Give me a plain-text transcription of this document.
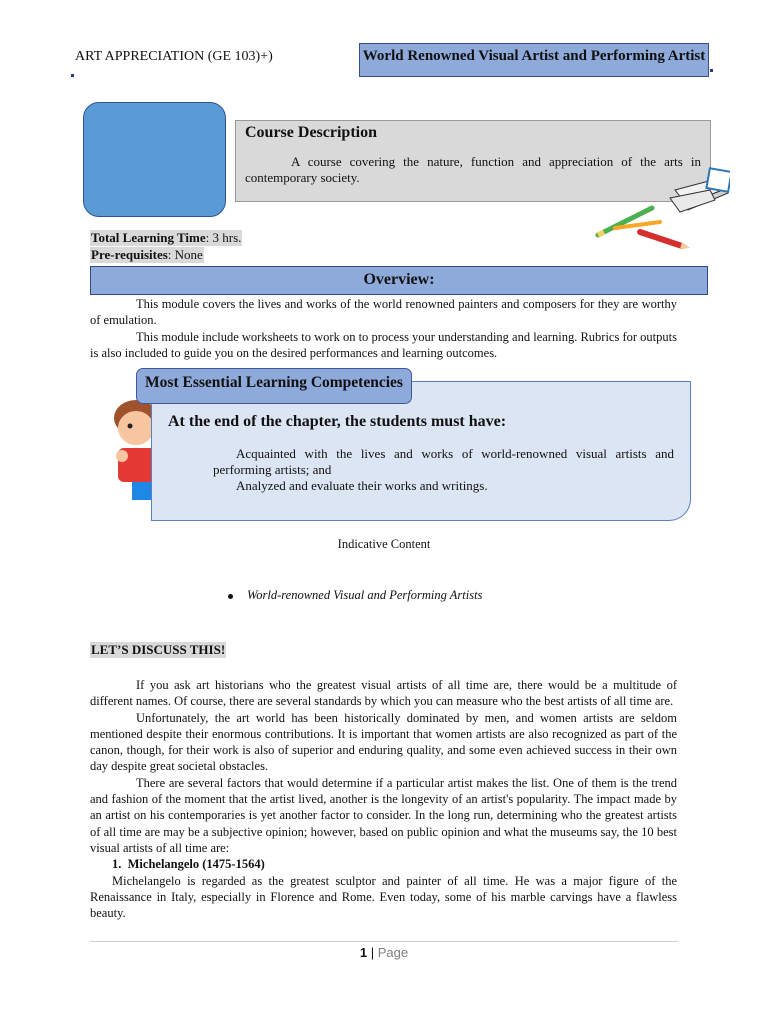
ART APPRECIATION (GE 103)+)	World Renowned Visual Artist and Performing Artist

Course Description

A course covering the nature, function and appreciation of the arts in contemporary society.

Total Learning Time: 3 hrs.
Pre-requisites: None
Overview:

This module covers the lives and works of the world renowned painters and composers for they are worthy of emulation.

This module include worksheets to work on to process your understanding and learning. Rubrics for outputs is also included to guide you on the desired performances and learning outcomes.

Most Essential Learning Competencies
At the end of the chapter, the students must have:

Acquainted with the lives and works of world-renowned visual artists and performing artists; and

Analyzed and evaluate their works and writings.

Indicative Content
World-renowned Visual and Performing Artists
LET’S DISCUSS THIS!

If you ask art historians who the greatest visual artists of all time are, there would be a multitude of different names. Of course, there are several standards by which you can measure who the best artists of all time are.

Unfortunately, the art world has been historically dominated by men, and women artists are seldom mentioned despite their enormous contributions. It is important that women artists are also recognized as part of the canon, though, for their work is also of superior and enduring quality, and some even achieved success in their own day despite great societal obstacles.

There are several factors that would determine if a particular artist makes the list. One of them is the trend and fashion of the moment that the artist lived, another is the longevity of an artist's popularity. The impact made by an artist on his contemporaries is yet another factor to consider. In the long run, determining who the greatest artists of all time are may be a subjective opinion; however, based on public opinion and what the museums say, the 10 best visual artists of all time are:

1.  Michelangelo (1475-1564)

Michelangelo is regarded as the greatest sculptor and painter of all time. He was a major figure of the Renaissance in Italy, especially in Florence and Rome. Even today, some of his marble carvings have a flawless beauty.

1 | Page
